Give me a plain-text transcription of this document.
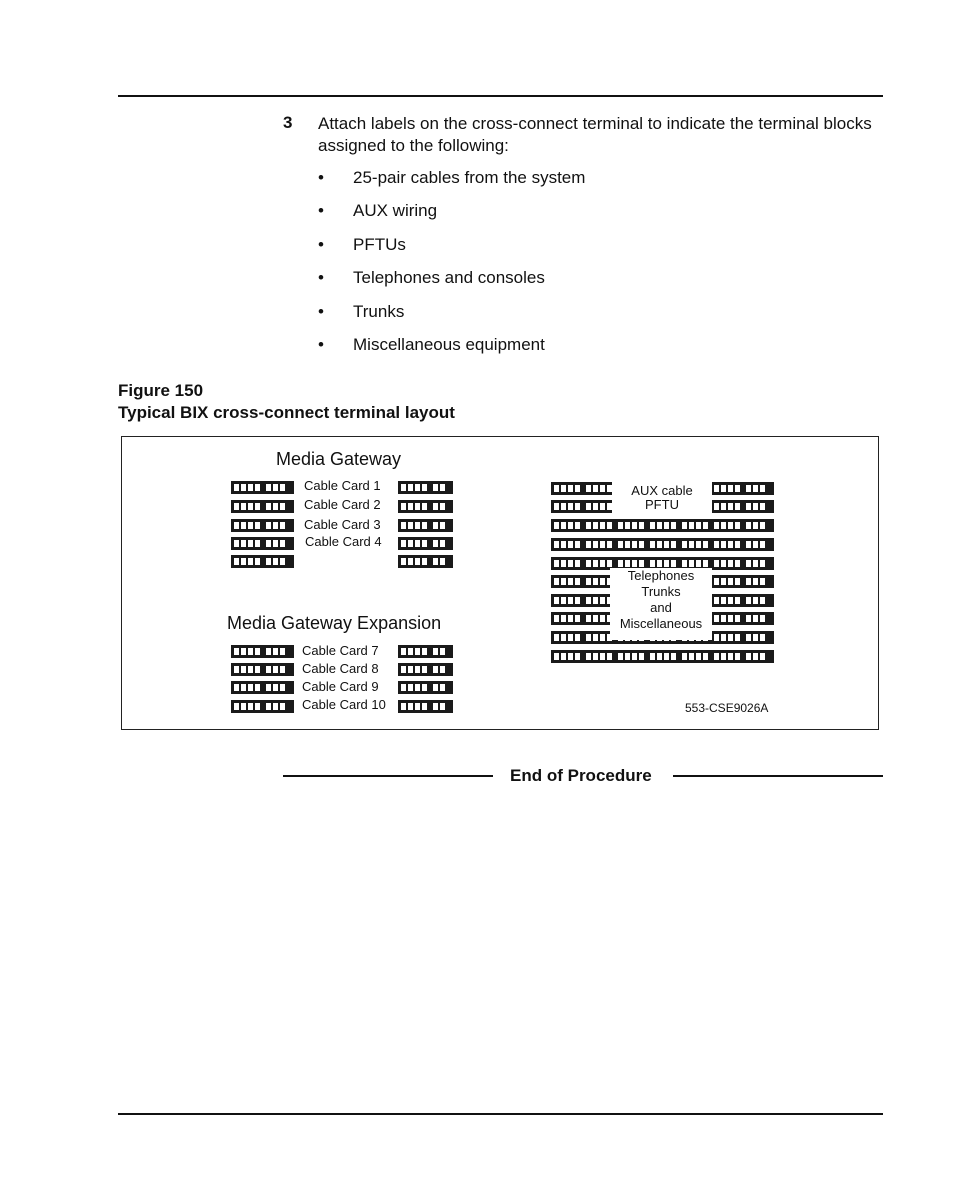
3 Attach labels on the cross-connect terminal to indicate the terminal blocks
assigned to the following:
• 25-pair cables from the system
• AUX wiring
• PFTUs
• Telephones and consoles
• Trunks
• Miscellaneous equipment
Figure 150
Typical BIX cross-connect terminal layout
Media Gateway
Cable Card 1
Cable Card 2
Cable Card 3
Cable Card 4
Media Gateway Expansion
Cable Card 7
Cable Card 8
Cable Card 9
Cable Card 10
AUX cable
PFTU
Telephones
Trunks
and
Miscellaneous
553-CSE9026A
End of Procedure
